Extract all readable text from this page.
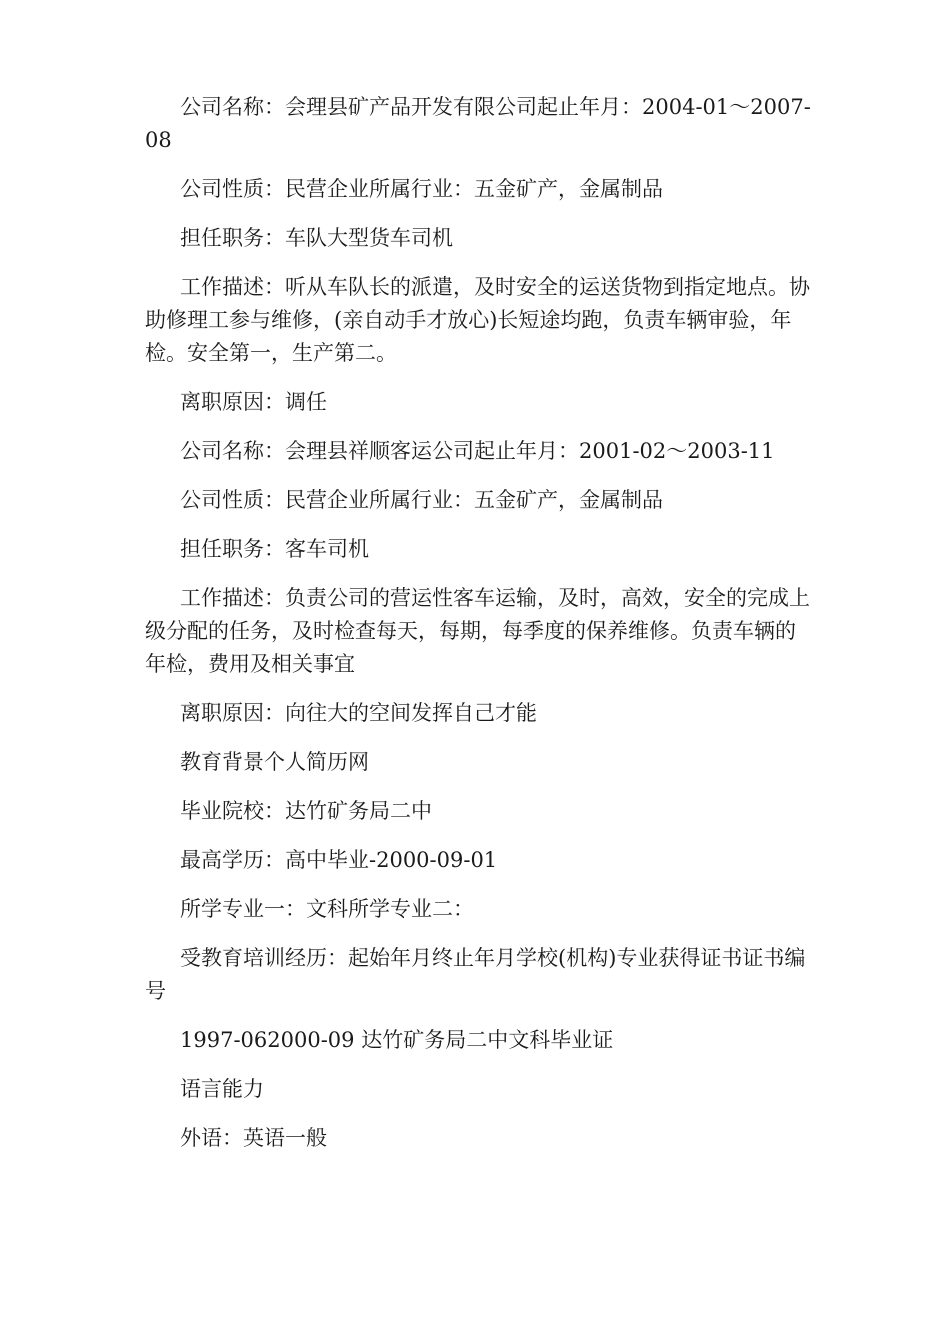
公司名称：会理县矿产品开发有限公司起止年月：2004-01～2007-08

公司性质：民营企业所属行业：五金矿产，金属制品

担任职务：车队大型货车司机

工作描述：听从车队长的派遣，及时安全的运送货物到指定地点。协助修理工参与维修，(亲自动手才放心)长短途均跑，负责车辆审验，年检。安全第一，生产第二。

离职原因：调任

公司名称：会理县祥顺客运公司起止年月：2001-02～2003-11

公司性质：民营企业所属行业：五金矿产，金属制品

担任职务：客车司机

工作描述：负责公司的营运性客车运输，及时，高效，安全的完成上级分配的任务，及时检查每天，每期，每季度的保养维修。负责车辆的年检，费用及相关事宜

离职原因：向往大的空间发挥自己才能

教育背景个人简历网

毕业院校：达竹矿务局二中

最高学历：高中毕业-2000-09-01

所学专业一：文科所学专业二：

受教育培训经历：起始年月终止年月学校(机构)专业获得证书证书编号

1997-062000-09 达竹矿务局二中文科毕业证

语言能力

外语：英语一般
